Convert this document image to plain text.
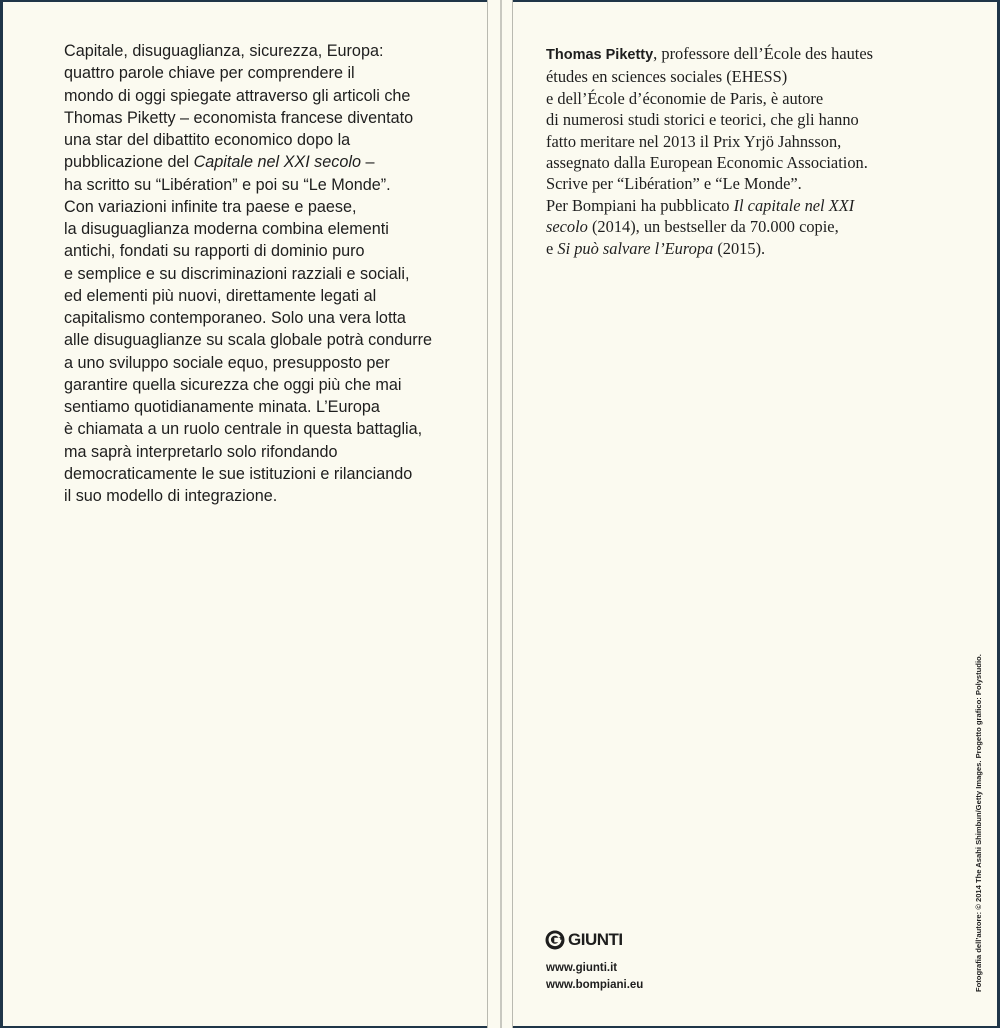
Capitale, disuguaglianza, sicurezza, Europa:
quattro parole chiave per comprendere il
mondo di oggi spiegate attraverso gli articoli che
Thomas Piketty – economista francese diventato
una star del dibattito economico dopo la
pubblicazione del Capitale nel XXI secolo –
ha scritto su “Libération” e poi su “Le Monde”.
Con variazioni infinite tra paese e paese,
la disuguaglianza moderna combina elementi
antichi, fondati su rapporti di dominio puro
e semplice e su discriminazioni razziali e sociali,
ed elementi più nuovi, direttamente legati al
capitalismo contemporaneo. Solo una vera lotta
alle disuguaglianze su scala globale potrà condurre
a uno sviluppo sociale equo, presupposto per
garantire quella sicurezza che oggi più che mai
sentiamo quotidianamente minata. L’Europa
è chiamata a un ruolo centrale in questa battaglia,
ma saprà interpretarlo solo rifondando
democraticamente le sue istituzioni e rilanciando
il suo modello di integrazione.
Thomas Piketty, professore dell’École des hautes
études en sciences sociales (EHESS)
e dell’École d’économie de Paris, è autore
di numerosi studi storici e teorici, che gli hanno
fatto meritare nel 2013 il Prix Yrjö Jahnsson,
assegnato dalla European Economic Association.
Scrive per “Libération” e “Le Monde”.
Per Bompiani ha pubblicato Il capitale nel XXI
secolo (2014), un bestseller da 70.000 copie,
e Si può salvare l’Europa (2015).
GIUNTI
www.giunti.it
www.bompiani.eu	Fotografia dell’autore: © 2014 The Asahi Shimbun/Getty Images. Progetto grafico: Polystudio.
